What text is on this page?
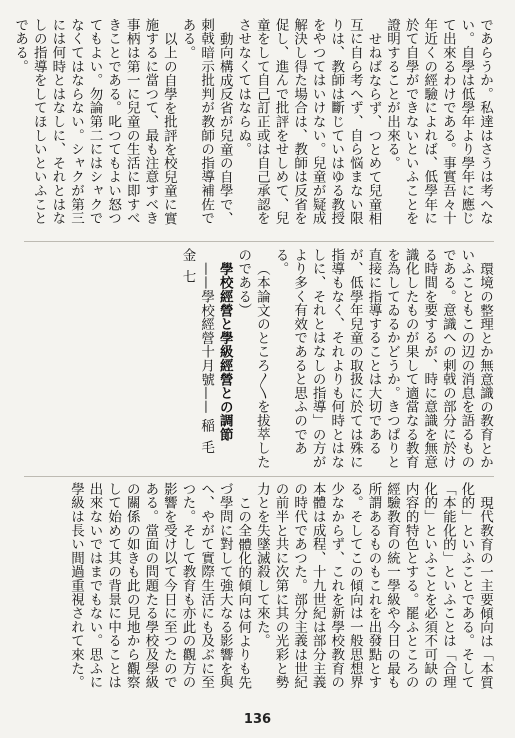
であらうか。私達はさうは考へない。自學は低學年より學年に應じて出來るわけである。事實吾々十年近くの經驗によれば、低學年に於て自學ができないといふことを證明することが出來る。

せねばならず、つとめて兒童相互に自ら考へず、自ら悩まない限りは、教師は斷じていはゆる教授をやつてはいけない。兒童が疑成解決し得た場合は、教師は反省を促し、進んで批評をせしめて、兒童をして自己訂正或は自己承認をさせなくてはならぬ。

動向構成反省が兒童の自學で、刺戟暗示批判が教師の指導補佐である。

以上の自學を批評を校兒童に實施するに當つて、最も注意すべき事柄は第一に兒童の生活に即すべきことである。叱つてもよい怒つてもよい。勿論第二にはシャクでなくてはならない。シャクが第三には何時とはなしに、それとはなしの指導をしてほしいといふことである。

環境の整理とか無意識の教育とかいふこともこの辺の消息を語るものである。意識への刺戟の部分に於ける時間を要するが、時に意識を無意識化したものが果して適當なる教育を為してゐるかどうか。きつぱりと直接に指導することは大切であるが、低學年兒童の取扱に於ては殊に指導もなく、それよりも何時とはなしに、それとはなしの指導」の方がより多く有效であると思ふのである。

（本論文のところ〳〵を拔萃したのである）

學校經營と學級經營との調節

——學校經營十月號—— 稲毛金七

現代教育の一主要傾向は「本質化的」といふことである。そして「本能化的」といふことは「合理化的」といふことを必須不可缺の内容的特色とする。罷ふところの經驗教育の統一學級や今日の最も所謂あるものもこれを出發點とする。そしてこの傾向は一般思想界少なからず、これを新學校教育の本體は成程、十九世紀は部分主義の時代であつた。部分主義は世紀の前半と共に次第に其の光彩と勢力とを失墜滅殺して來た。

この全體化的傾向は何よりも先づ學問に對して強大なる影響を與へ、やがて實際生活にも及ぶに至つた。そして教育も亦此の觀方の影響を受け以て今日に至つたのである。當面の問題たる學校及學級の關係の如きも此の見地から觀察して始めて其の背景に中ることは出來ないではまでもない。思ふに學級は長い間過重視されて來た。

136
